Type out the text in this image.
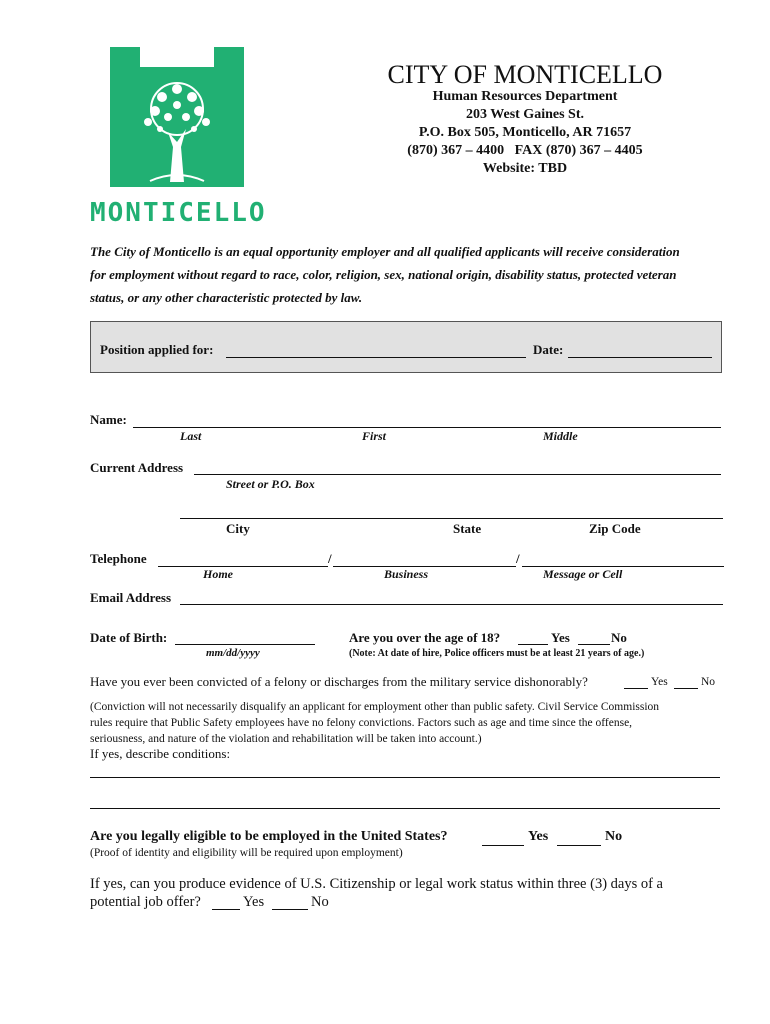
MONTICELLO
CITY OF MONTICELLO
Human Resources Department
203 West Gaines St.
P.O. Box 505, Monticello, AR 71657
(870) 367 – 4400   FAX (870) 367 – 4405
Website: TBD
The City of Monticello is an equal opportunity employer and all qualified applicants will receive consideration
for employment without regard to race, color, religion, sex, national origin, disability status, protected veteran
status, or any other characteristic protected by law.
Position applied for:	Date:
Name:
Last	First	Middle
Current Address
Street or P.O. Box
City	State	Zip Code
Telephone	/	/
Home	Business	Message or Cell
Email Address
Date of Birth:
mm/dd/yyyy
Are you over the age of 18?	Yes	No
(Note: At date of hire, Police officers must be at least 21 years of age.)
Have you ever been convicted of a felony or discharges from the military service dishonorably?	Yes	No
(Conviction will not necessarily disqualify an applicant for employment other than public safety. Civil Service Commission
rules require that Public Safety employees have no felony convictions. Factors such as age and time since the offense,
seriousness, and nature of the violation and rehabilitation will be taken into account.)
If yes, describe conditions:
Are you legally eligible to be employed in the United States?	Yes	No
(Proof of identity and eligibility will be required upon employment)
If yes, can you produce evidence of U.S. Citizenship or legal work status within three (3) days of a
potential job offer?	Yes	No
